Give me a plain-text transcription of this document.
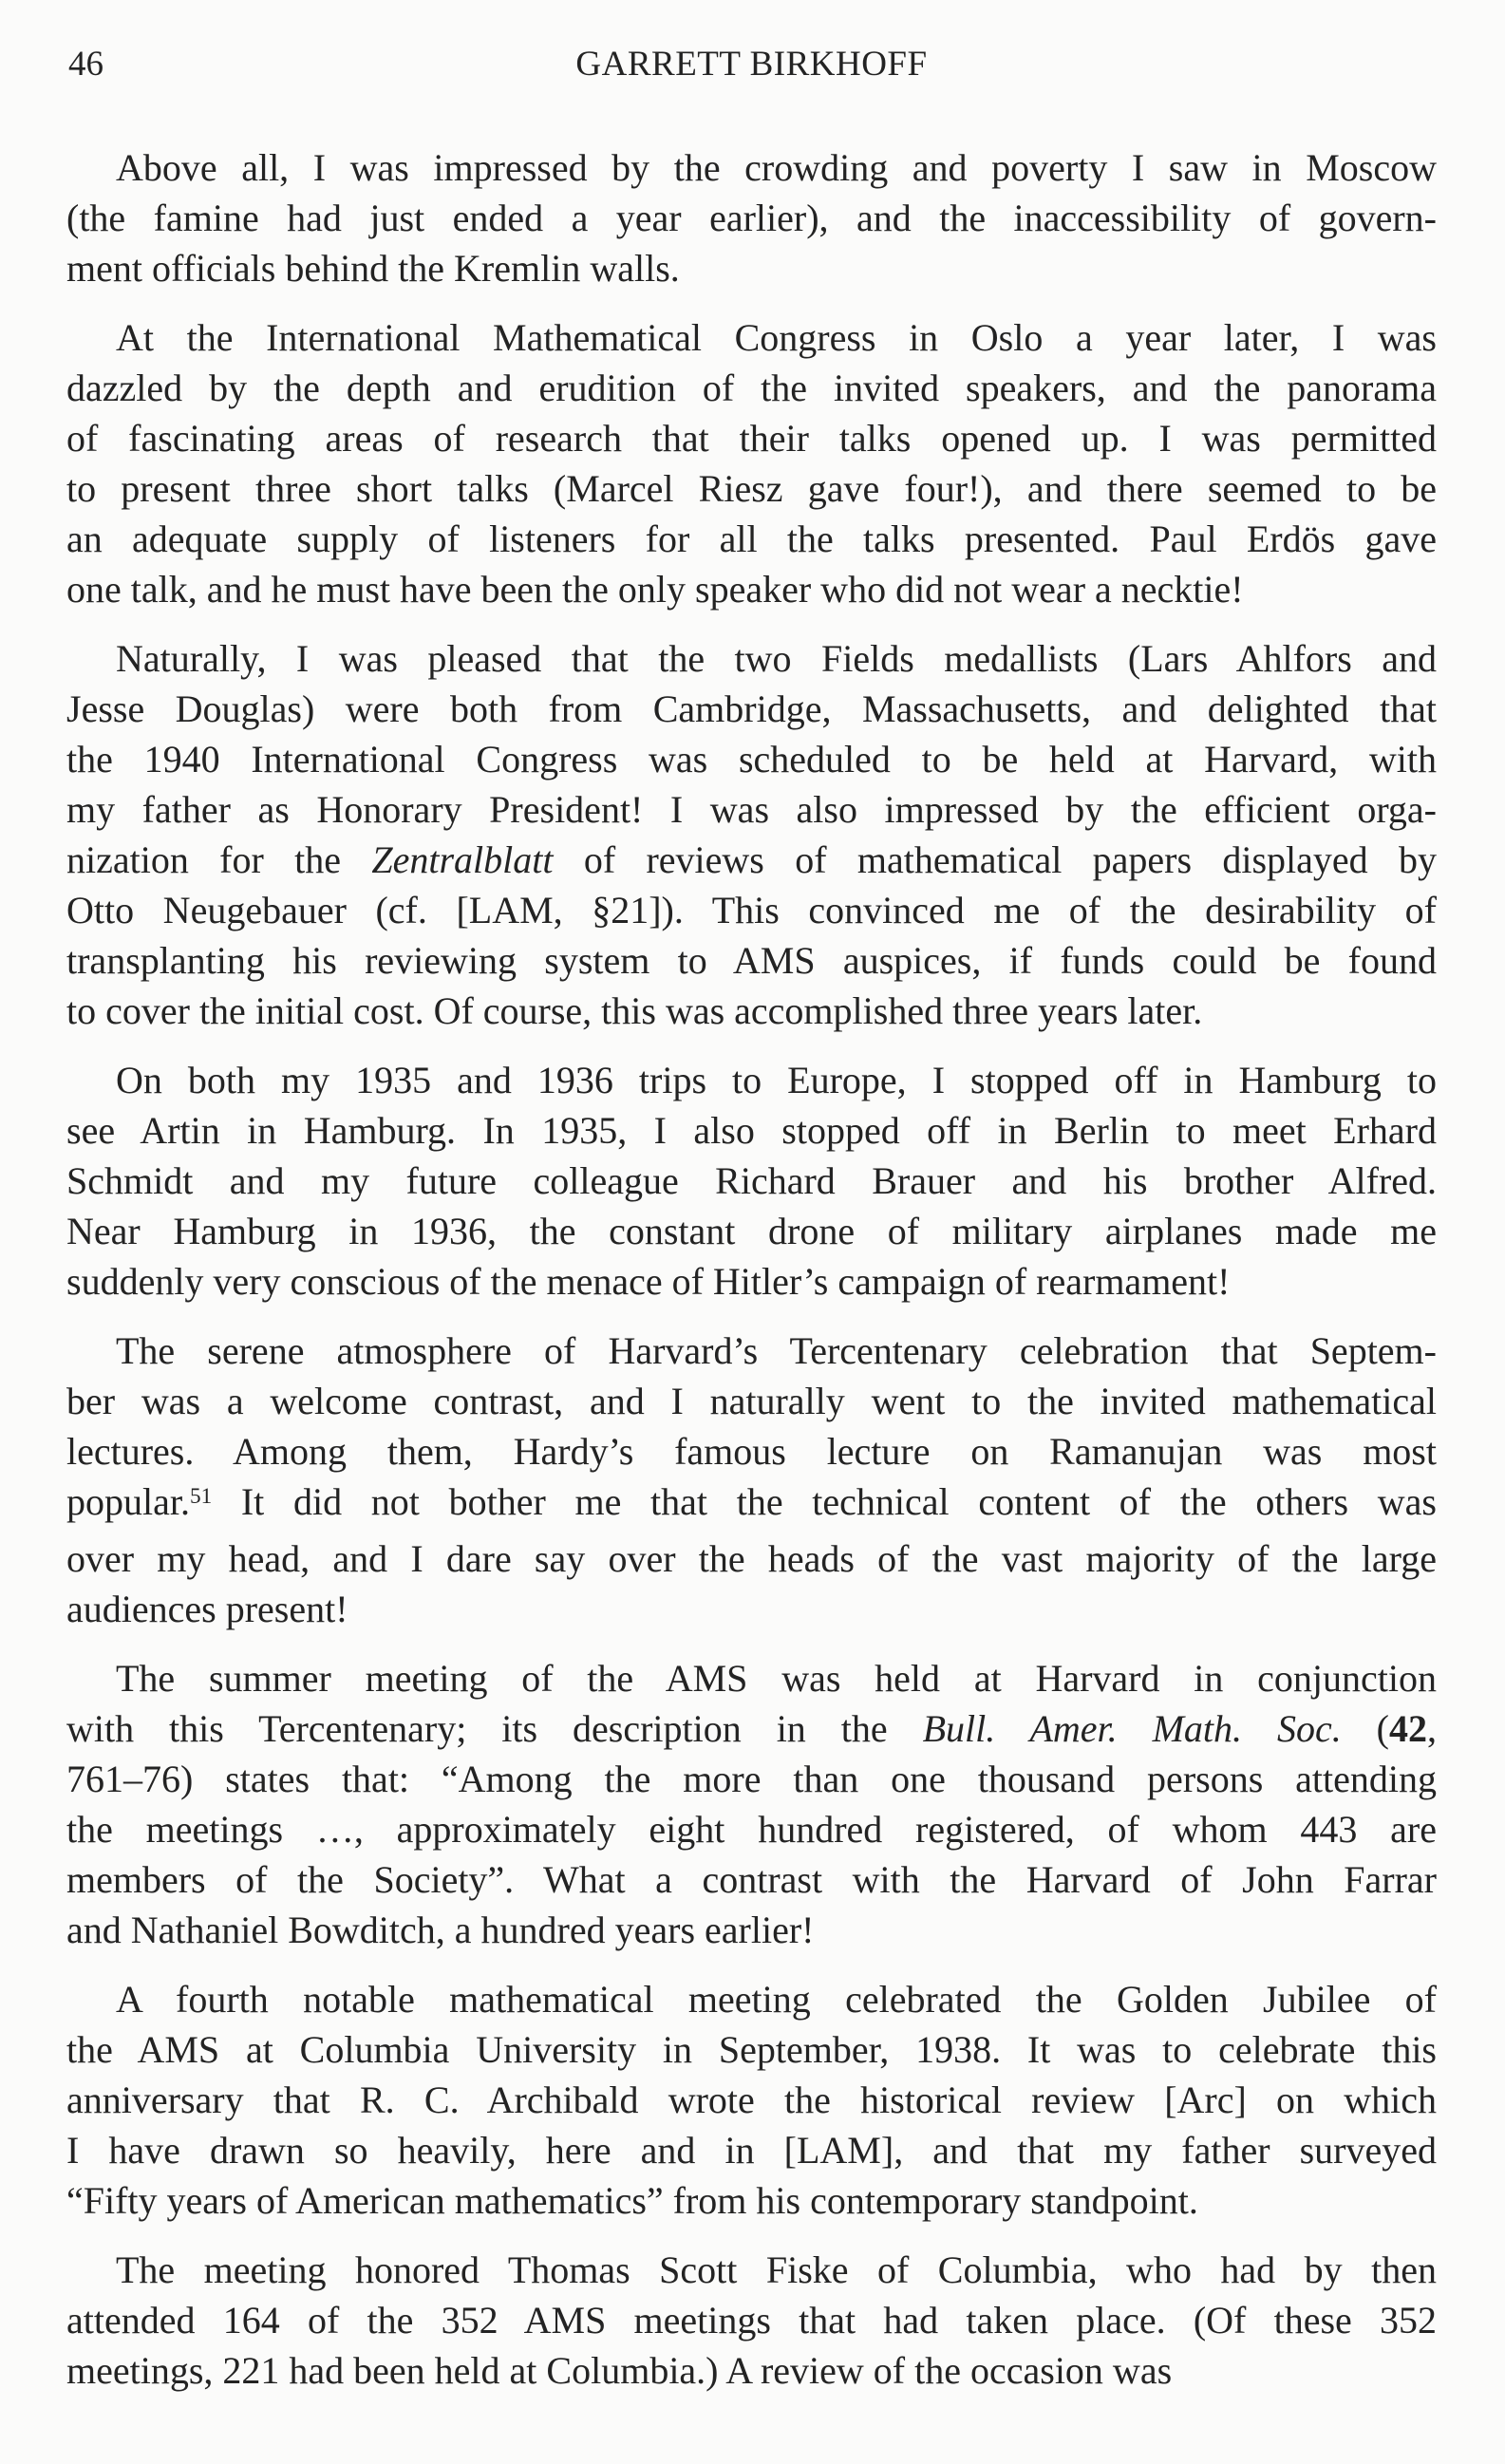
46	GARRETT BIRKHOFF
Above all, I was impressed by the crowding and poverty I saw in Moscow
(the famine had just ended a year earlier), and the inaccessibility of govern-
ment officials behind the Kremlin walls.
At the International Mathematical Congress in Oslo a year later, I was
dazzled by the depth and erudition of the invited speakers, and the panorama
of fascinating areas of research that their talks opened up. I was permitted
to present three short talks (Marcel Riesz gave four!), and there seemed to be
an adequate supply of listeners for all the talks presented. Paul Erdös gave
one talk, and he must have been the only speaker who did not wear a necktie!
Naturally, I was pleased that the two Fields medallists (Lars Ahlfors and
Jesse Douglas) were both from Cambridge, Massachusetts, and delighted that
the 1940 International Congress was scheduled to be held at Harvard, with
my father as Honorary President! I was also impressed by the efficient orga-
nization for the Zentralblatt of reviews of mathematical papers displayed by
Otto Neugebauer (cf. [LAM, §21]). This convinced me of the desirability of
transplanting his reviewing system to AMS auspices, if funds could be found
to cover the initial cost. Of course, this was accomplished three years later.
On both my 1935 and 1936 trips to Europe, I stopped off in Hamburg to
see Artin in Hamburg. In 1935, I also stopped off in Berlin to meet Erhard
Schmidt and my future colleague Richard Brauer and his brother Alfred.
Near Hamburg in 1936, the constant drone of military airplanes made me
suddenly very conscious of the menace of Hitler’s campaign of rearmament!
The serene atmosphere of Harvard’s Tercentenary celebration that Septem-
ber was a welcome contrast, and I naturally went to the invited mathematical
lectures. Among them, Hardy’s famous lecture on Ramanujan was most
popular.$^{51}$ It did not bother me that the technical content of the others was
over my head, and I dare say over the heads of the vast majority of the large
audiences present!
The summer meeting of the AMS was held at Harvard in conjunction
with this Tercentenary; its description in the Bull. Amer. Math. Soc. (42,
761–76) states that: “Among the more than one thousand persons attending
the meetings …, approximately eight hundred registered, of whom 443 are
members of the Society”. What a contrast with the Harvard of John Farrar
and Nathaniel Bowditch, a hundred years earlier!
A fourth notable mathematical meeting celebrated the Golden Jubilee of
the AMS at Columbia University in September, 1938. It was to celebrate this
anniversary that R. C. Archibald wrote the historical review [Arc] on which
I have drawn so heavily, here and in [LAM], and that my father surveyed
“Fifty years of American mathematics” from his contemporary standpoint.
The meeting honored Thomas Scott Fiske of Columbia, who had by then
attended 164 of the 352 AMS meetings that had taken place. (Of these 352
meetings, 221 had been held at Columbia.) A review of the occasion was
